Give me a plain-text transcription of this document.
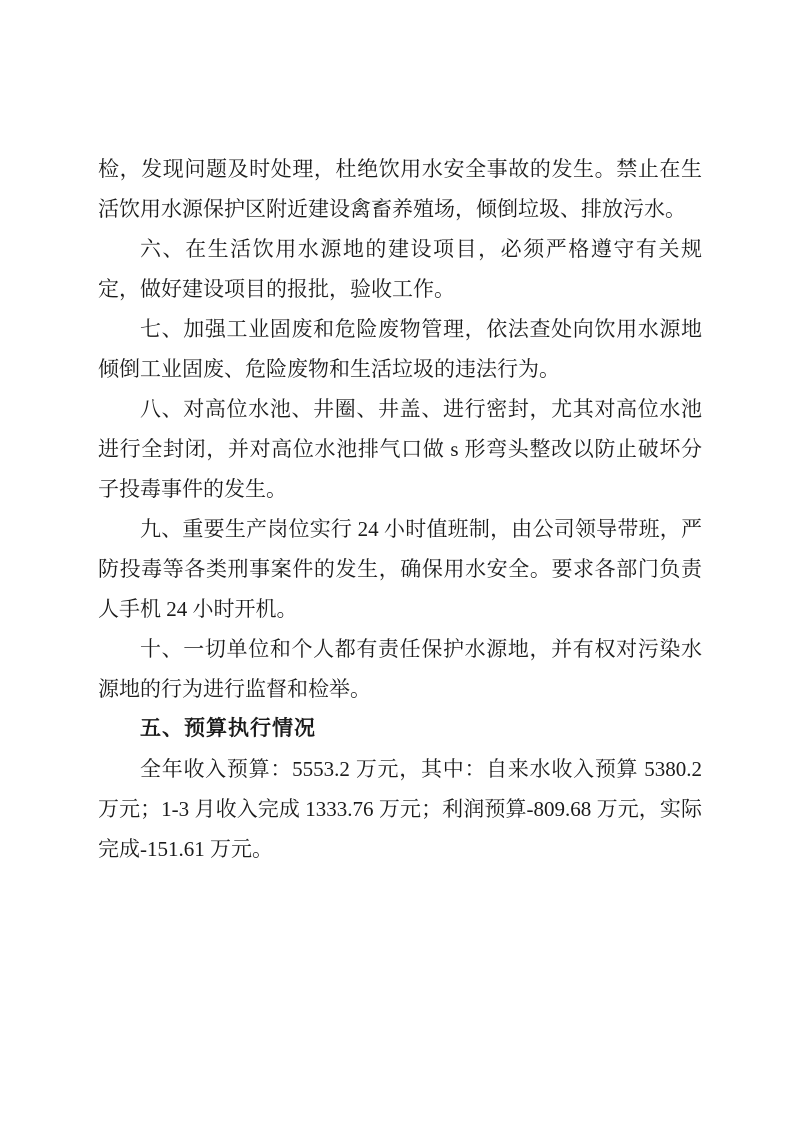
检，发现问题及时处理，杜绝饮用水安全事故的发生。禁止在生活饮用水源保护区附近建设禽畜养殖场，倾倒垃圾、排放污水。

六、在生活饮用水源地的建设项目，必须严格遵守有关规定，做好建设项目的报批，验收工作。

七、加强工业固废和危险废物管理，依法查处向饮用水源地倾倒工业固废、危险废物和生活垃圾的违法行为。

八、对高位水池、井圈、井盖、进行密封，尤其对高位水池进行全封闭，并对高位水池排气口做 s 形弯头整改以防止破坏分子投毒事件的发生。

九、重要生产岗位实行 24 小时值班制，由公司领导带班，严防投毒等各类刑事案件的发生，确保用水安全。要求各部门负责人手机 24 小时开机。

十、一切单位和个人都有责任保护水源地，并有权对污染水源地的行为进行监督和检举。

五、预算执行情况

全年收入预算：5553.2 万元，其中：自来水收入预算 5380.2 万元；1-3 月收入完成 1333.76 万元；利润预算-809.68 万元，实际完成-151.61 万元。
